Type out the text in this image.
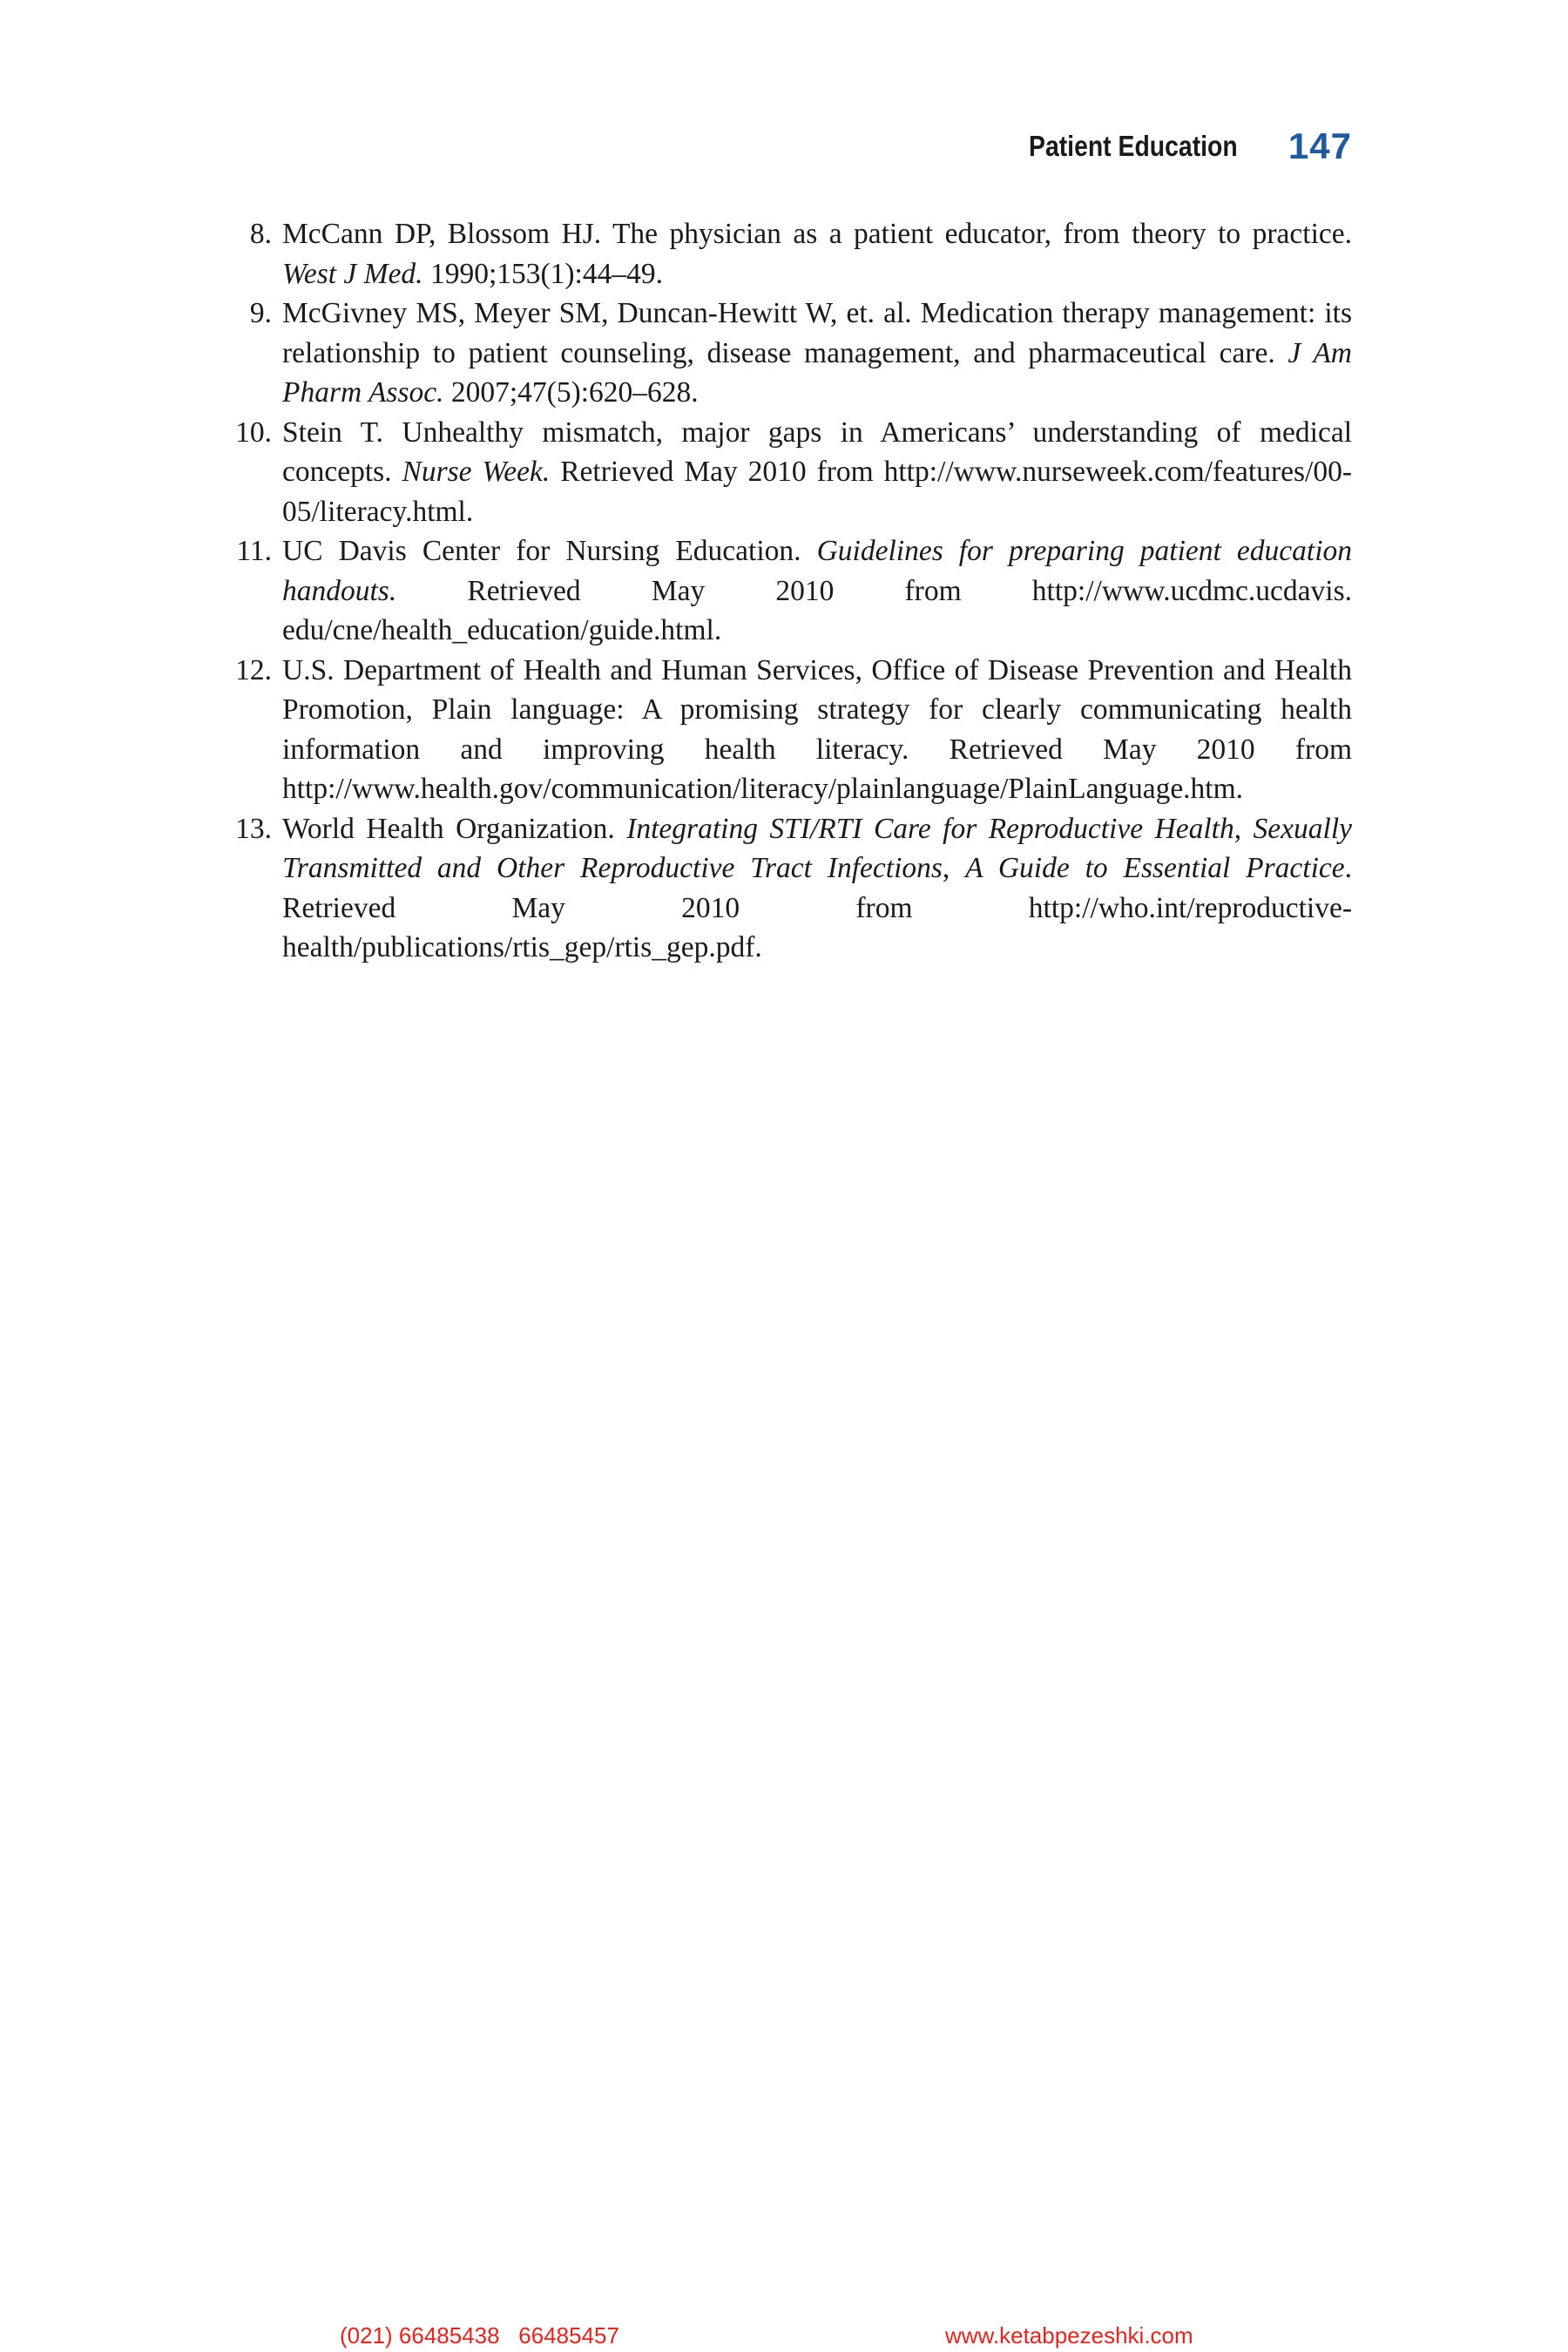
Patient Education 147
8. McCann DP, Blossom HJ. The physician as a patient educator, from theory to practice. West J Med. 1990;153(1):44–49.
9. McGivney MS, Meyer SM, Duncan-Hewitt W, et. al. Medication therapy management: its relationship to patient counseling, disease management, and pharmaceutical care. J Am Pharm Assoc. 2007;47(5):620–628.
10. Stein T. Unhealthy mismatch, major gaps in Americans’ understanding of medical concepts. Nurse Week. Retrieved May 2010 from http://www.​nurseweek.com/features/00-05/literacy.html.
11. UC Davis Center for Nursing Education. Guidelines for preparing patient education handouts. Retrieved May 2010 from http://www.ucdmc.ucdavis.​edu/cne/health_education/guide.html.
12. U.S. Department of Health and Human Services, Office of Disease Prevention and Health Promotion, Plain language: A promising strategy for clearly communicating health information and improving health literacy. Retrieved May 2010 from http://www.health.gov/communication/literacy/plainlanguage/​PlainLanguage.htm.
13. World Health Organization. Integrating STI/RTI Care for Reproductive Health, Sexually Transmitted and Other Reproductive Tract Infections, A Guide to Essential Practice. Retrieved May 2010 from http://who.int/​reproductive-health/publications/rtis_gep/rtis_gep.pdf.
(021) 66485438   66485457	www.ketabpezeshki.com
